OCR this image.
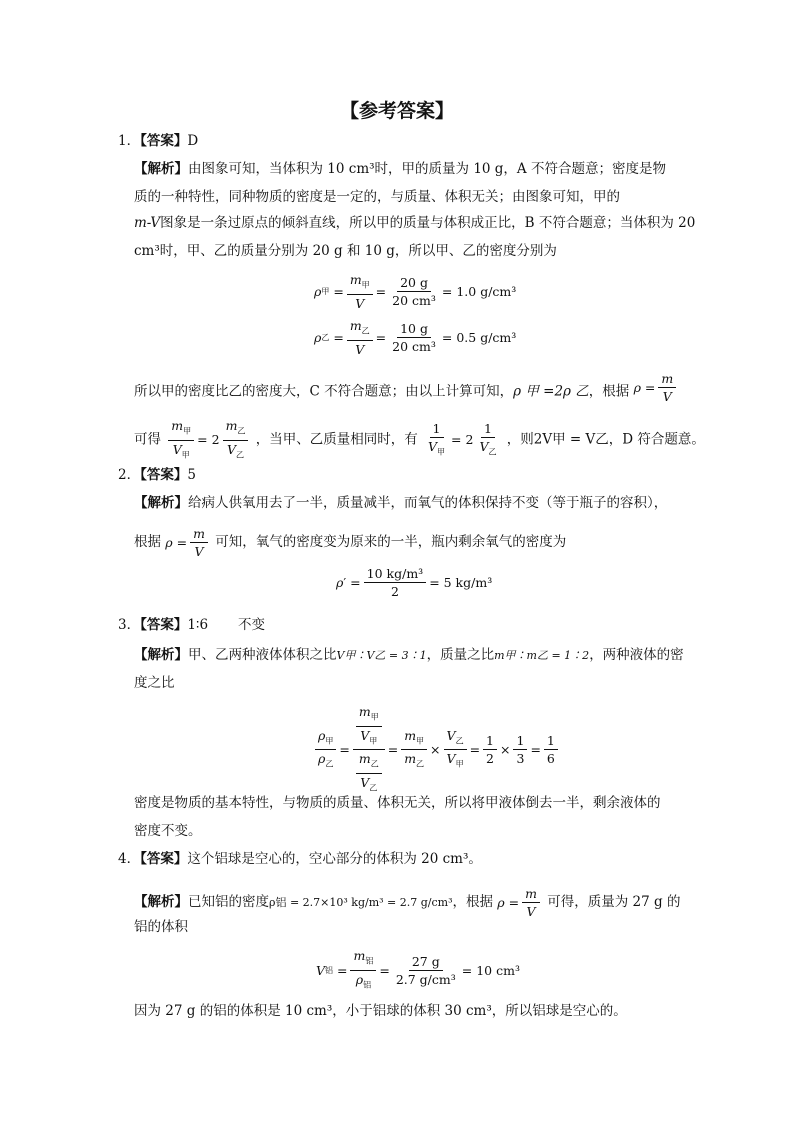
【参考答案】
1．【答案】D
【解析】由图象可知，当体积为 10 cm³时，甲的质量为 10 g，A 不符合题意；密度是物
质的一种特性，同种物质的密度是一定的，与质量、体积无关；由图象可知，甲的
m-V图象是一条过原点的倾斜直线，所以甲的质量与体积成正比，B 不符合题意；当体积为 20
cm³时，甲、乙的质量分别为 20 g 和 10 g，所以甲、乙的密度分别为
ρ 甲 = $\frac{m_甲}{V} = \frac{20 g}{\text{20 cm³}} = 1.0$ g/cm³
ρ 乙 = $\frac{m_乙}{V} = \frac{10 g}{\text{20 cm³}} = 0.5$ g/cm³
所以甲的密度比乙的密度大，C 不符合题意；由以上计算可知，ρ 甲 =2ρ 乙，根据 $\rho = \frac{m}{V}$
可得 $\frac{m_甲}{V_甲} = 2 \frac{m_乙}{V_乙}$ ，当甲、乙质量相同时，有 $\frac{1}{V_甲} = 2 \frac{1}{V_乙}$ ，则2V甲 = V乙，D 符合题意。
2．【答案】5
【解析】给病人供氧用去了一半，质量减半，而氧气的体积保持不变（等于瓶子的容积），
根据 $\rho = \frac{m}{V}$ 可知，氧气的密度变为原来的一半，瓶内剩余氧气的密度为
ρ ′ = $\frac{\text{10 kg/m³}}{2} = 5$ kg/m³
3．【答案】1∶6 不变
【解析】甲、乙两种液体体积之比V甲∶V乙 = 3∶1，质量之比m甲∶m乙 = 1∶2，两种液体的密
度之比
$\frac{\rho_甲}{\rho_乙} = \frac{\frac{m_甲}{V_甲}}{\frac{m_乙}{V_乙}} = \frac{m_甲}{m_乙} \times \frac{V_乙}{V_甲} = \frac{1}{2} \times \frac{1}{3} = \frac{1}{6}$
密度是物质的基本特性，与物质的质量、体积无关，所以将甲液体倒去一半，剩余液体的
密度不变。
4．【答案】这个铝球是空心的，空心部分的体积为 20 cm³。
【解析】已知铝的密度ρ铝 = 2.7×10³ kg/m³ = 2.7 g/cm³，根据 $\rho = \frac{m}{V}$ 可得，质量为 27 g 的
铝的体积
V 铝 = $\frac{m_铝}{\rho_铝} = \frac{27 g}{\text{2.7 g/cm³}} = 10$ cm³
因为 27 g 的铝的体积是 10 cm³，小于铝球的体积 30 cm³，所以铝球是空心的。
